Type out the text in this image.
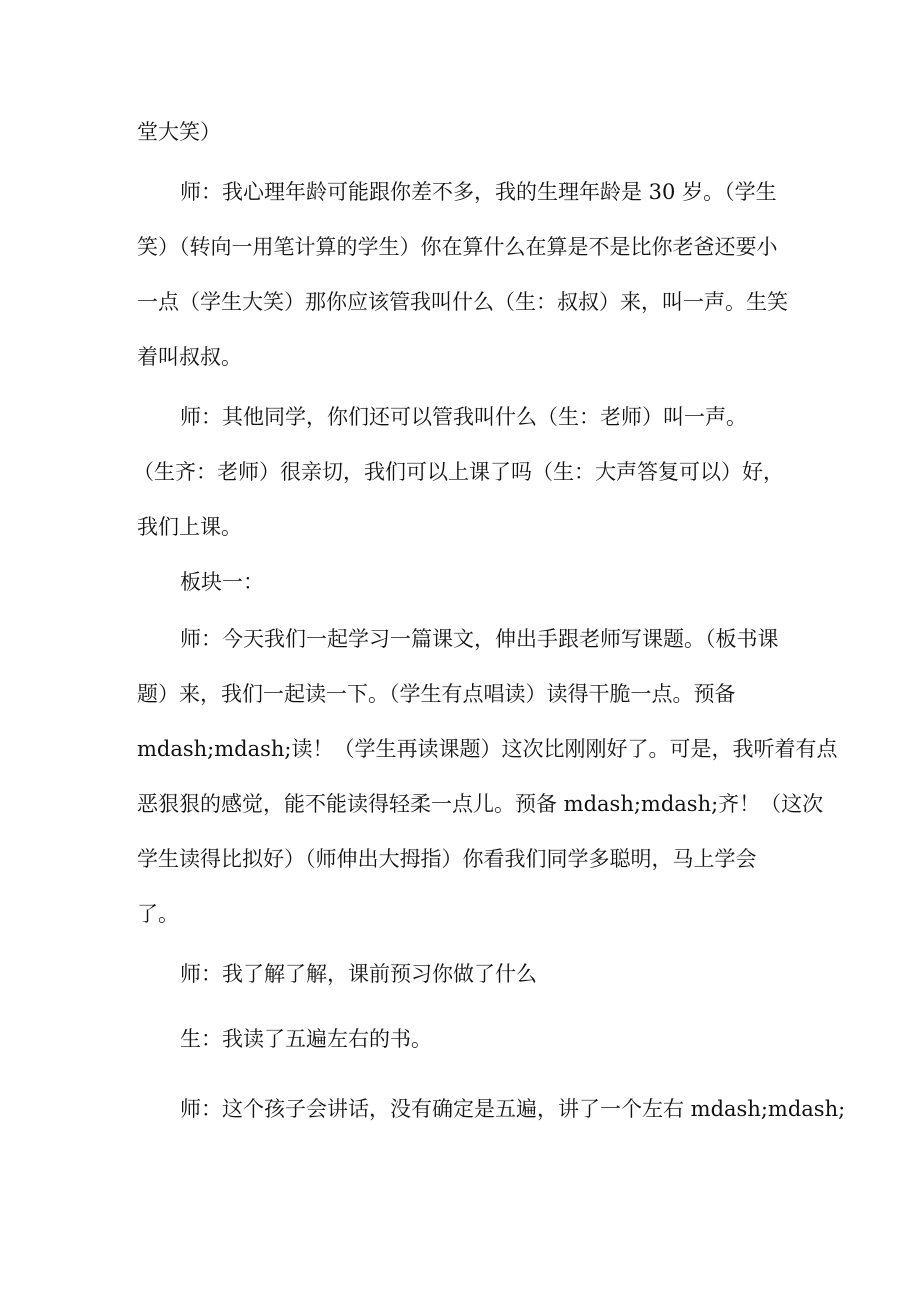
堂大笑）
师：我心理年龄可能跟你差不多，我的生理年龄是 30 岁。（学生
笑）（转向一用笔计算的学生）你在算什么在算是不是比你老爸还要小
一点（学生大笑）那你应该管我叫什么（生：叔叔）来，叫一声。生笑
着叫叔叔。
师：其他同学，你们还可以管我叫什么（生：老师）叫一声。
（生齐：老师）很亲切，我们可以上课了吗（生：大声答复可以）好，
我们上课。
板块一：
师：今天我们一起学习一篇课文，伸出手跟老师写课题。（板书课
题）来，我们一起读一下。（学生有点唱读）读得干脆一点。预备
mdash;mdash;读！（学生再读课题）这次比刚刚好了。可是，我听着有点
恶狠狠的感觉，能不能读得轻柔一点儿。预备 mdash;mdash;齐！（这次
学生读得比拟好）（师伸出大拇指）你看我们同学多聪明，马上学会
了。
师：我了解了解，课前预习你做了什么
生：我读了五遍左右的书。
师：这个孩子会讲话，没有确定是五遍，讲了一个左右 mdash;mdash;
